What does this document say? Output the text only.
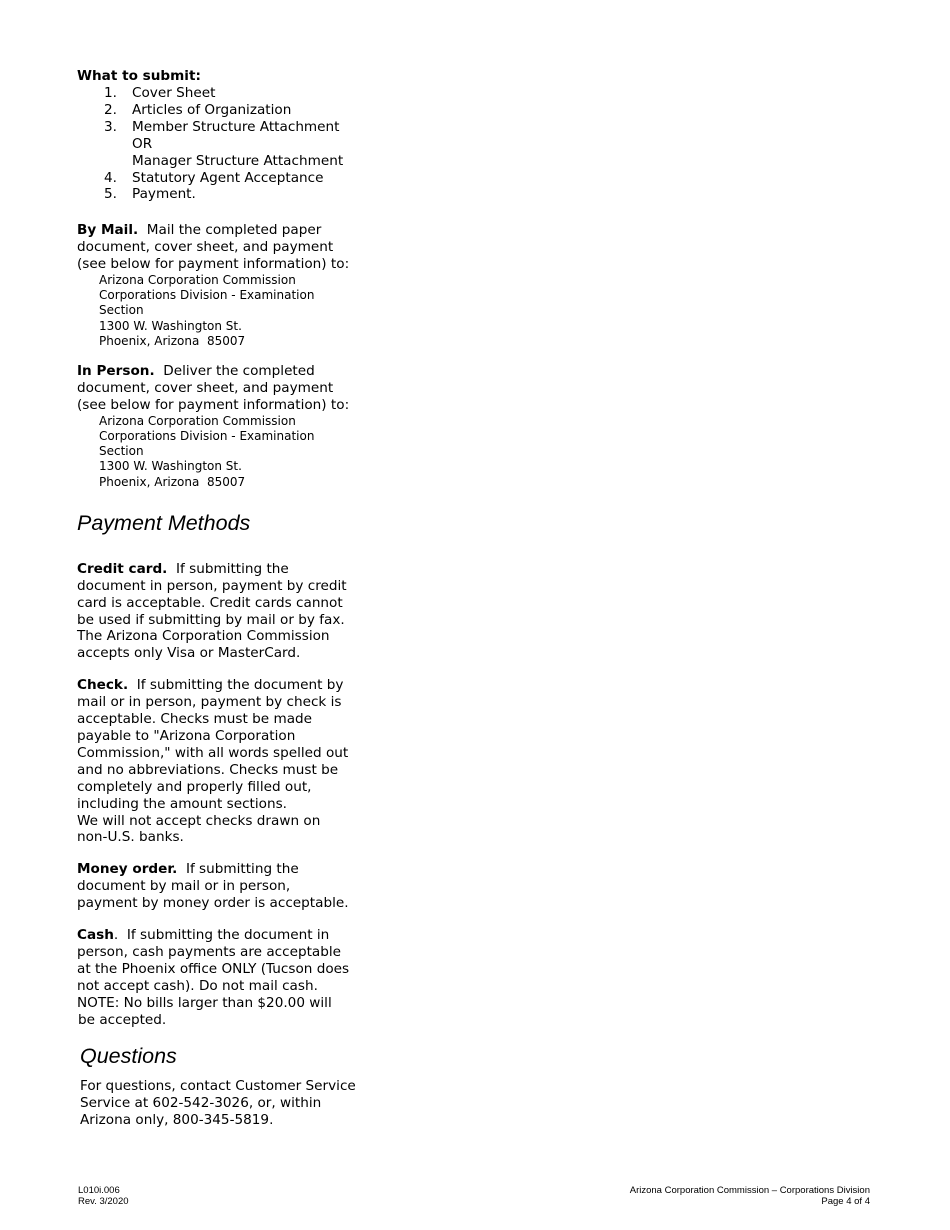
What to submit:
1.	Cover Sheet
2.	Articles of Organization
3.	Member Structure Attachment
OR
Manager Structure Attachment
4.	Statutory Agent Acceptance
5.	Payment.
By Mail. Mail the completed paper
document, cover sheet, and payment
(see below for payment information) to:
Arizona Corporation Commission
Corporations Division - Examination Section
1300 W. Washington St.
Phoenix, Arizona  85007
In Person. Deliver the completed
document, cover sheet, and payment
(see below for payment information) to:
Arizona Corporation Commission
Corporations Division - Examination Section
1300 W. Washington St.
Phoenix, Arizona  85007
Payment Methods
Credit card. If submitting the
document in person, payment by credit
card is acceptable. Credit cards cannot
be used if submitting by mail or by fax.
The Arizona Corporation Commission
accepts only Visa or MasterCard.
Check. If submitting the document by
mail or in person, payment by check is
acceptable. Checks must be made
payable to "Arizona Corporation
Commission," with all words spelled out
and no abbreviations. Checks must be
completely and properly filled out,
including the amount sections.
We will not accept checks drawn on
non-U.S. banks.
Money order. If submitting the
document by mail or in person,
payment by money order is acceptable.
Cash.  If submitting the document in
person, cash payments are acceptable
at the Phoenix office ONLY (Tucson does
not accept cash). Do not mail cash.
NOTE: No bills larger than $20.00 will
be accepted.
Questions
For questions, contact Customer Service
Service at 602-542-3026, or, within
Arizona only, 800-345-5819.
L010i.006
Rev. 3/2020
Arizona Corporation Commission – Corporations Division
Page 4 of 4
